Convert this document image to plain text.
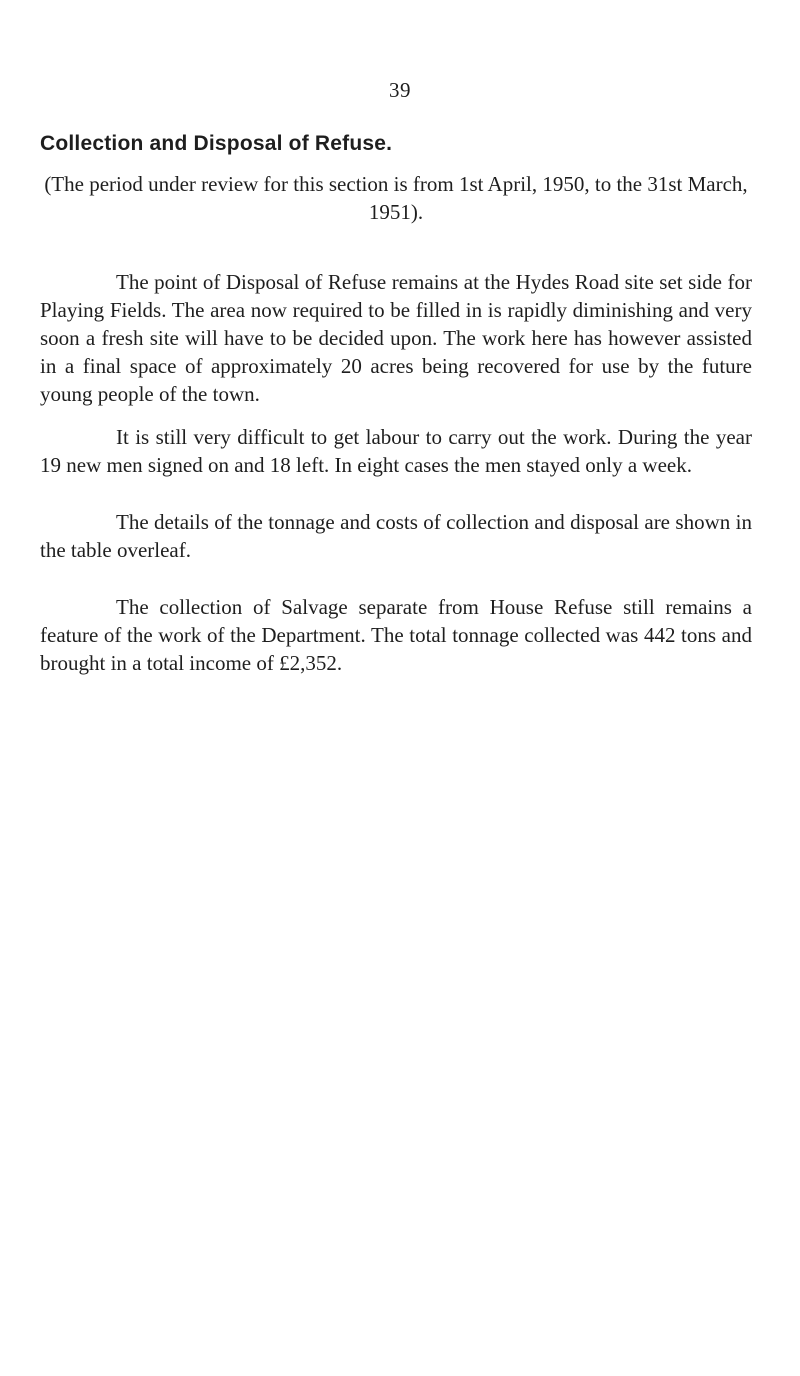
39
Collection and Disposal of Refuse.

(The period under review for this section is from 1st April, 1950, to the 31st March, 1951).

The point of Disposal of Refuse remains at the Hydes Road site set side for Playing Fields. The area now required to be filled in is rapidly diminishing and very soon a fresh site will have to be decided upon. The work here has however assisted in a final space of approximately 20 acres being recovered for use by the future young people of the town.

It is still very difficult to get labour to carry out the work. During the year 19 new men signed on and 18 left. In eight cases the men stayed only a week.

The details of the tonnage and costs of collection and disposal are shown in the table overleaf.

The collection of Salvage separate from House Refuse still remains a feature of the work of the Department. The total tonnage collected was 442 tons and brought in a total income of £2,352.
